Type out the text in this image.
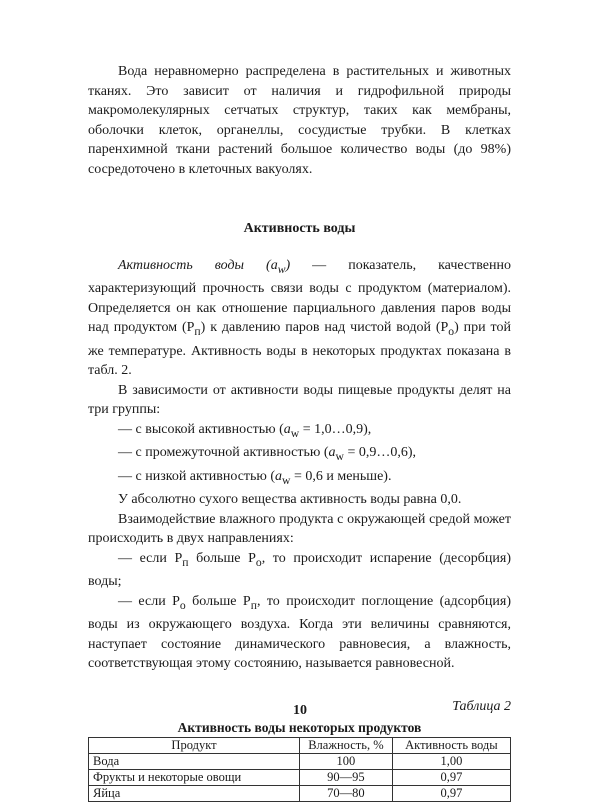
Вода неравномерно распределена в растительных и животных тканях. Это зависит от наличия и гидрофильной природы макромолекулярных сетчатых структур, таких как мембраны, оболочки клеток, органеллы, сосудистые трубки. В клетках паренхимной ткани растений большое количество воды (до 98%) сосредоточено в клеточных вакуолях.

Активность воды

Активность воды $(a_w)$ — показатель, качественно характеризующий прочность связи воды с продуктом (материалом). Определяется он как отношение парциального давления паров воды над продуктом $(Р_п)$ к давлению паров над чистой водой $(Р_о)$ при той же температуре. Активность воды в некоторых продуктах показана в табл. 2.

В зависимости от активности воды пищевые продукты делят на три группы:

— с высокой активностью ($a_w$ = 1,0…0,9),

— с промежуточной активностью ($a_w$ = 0,9…0,6),

— с низкой активностью ($a_w = 0,6$ и меньше).

У абсолютно сухого вещества активность воды равна 0,0.

Взаимодействие влажного продукта с окружающей средой может происходить в двух направлениях:

— если $Р_п$ больше $Р_о$, то происходит испарение (десорбция) воды;

— если $Р_о$ больше $Р_п$, то происходит поглощение (адсорбция) воды из окружающего воздуха. Когда эти величины сравняются, наступает состояние динамического равновесия, а влажность, соответствующая этому состоянию, называется равновесной.

Таблица 2
Активность воды некоторых продуктов
Продукт	Влажность, %	Активность воды
Вода	100	1,00
Фрукты и некоторые овощи	90—95	0,97
Яйца	70—80	0,97
10
